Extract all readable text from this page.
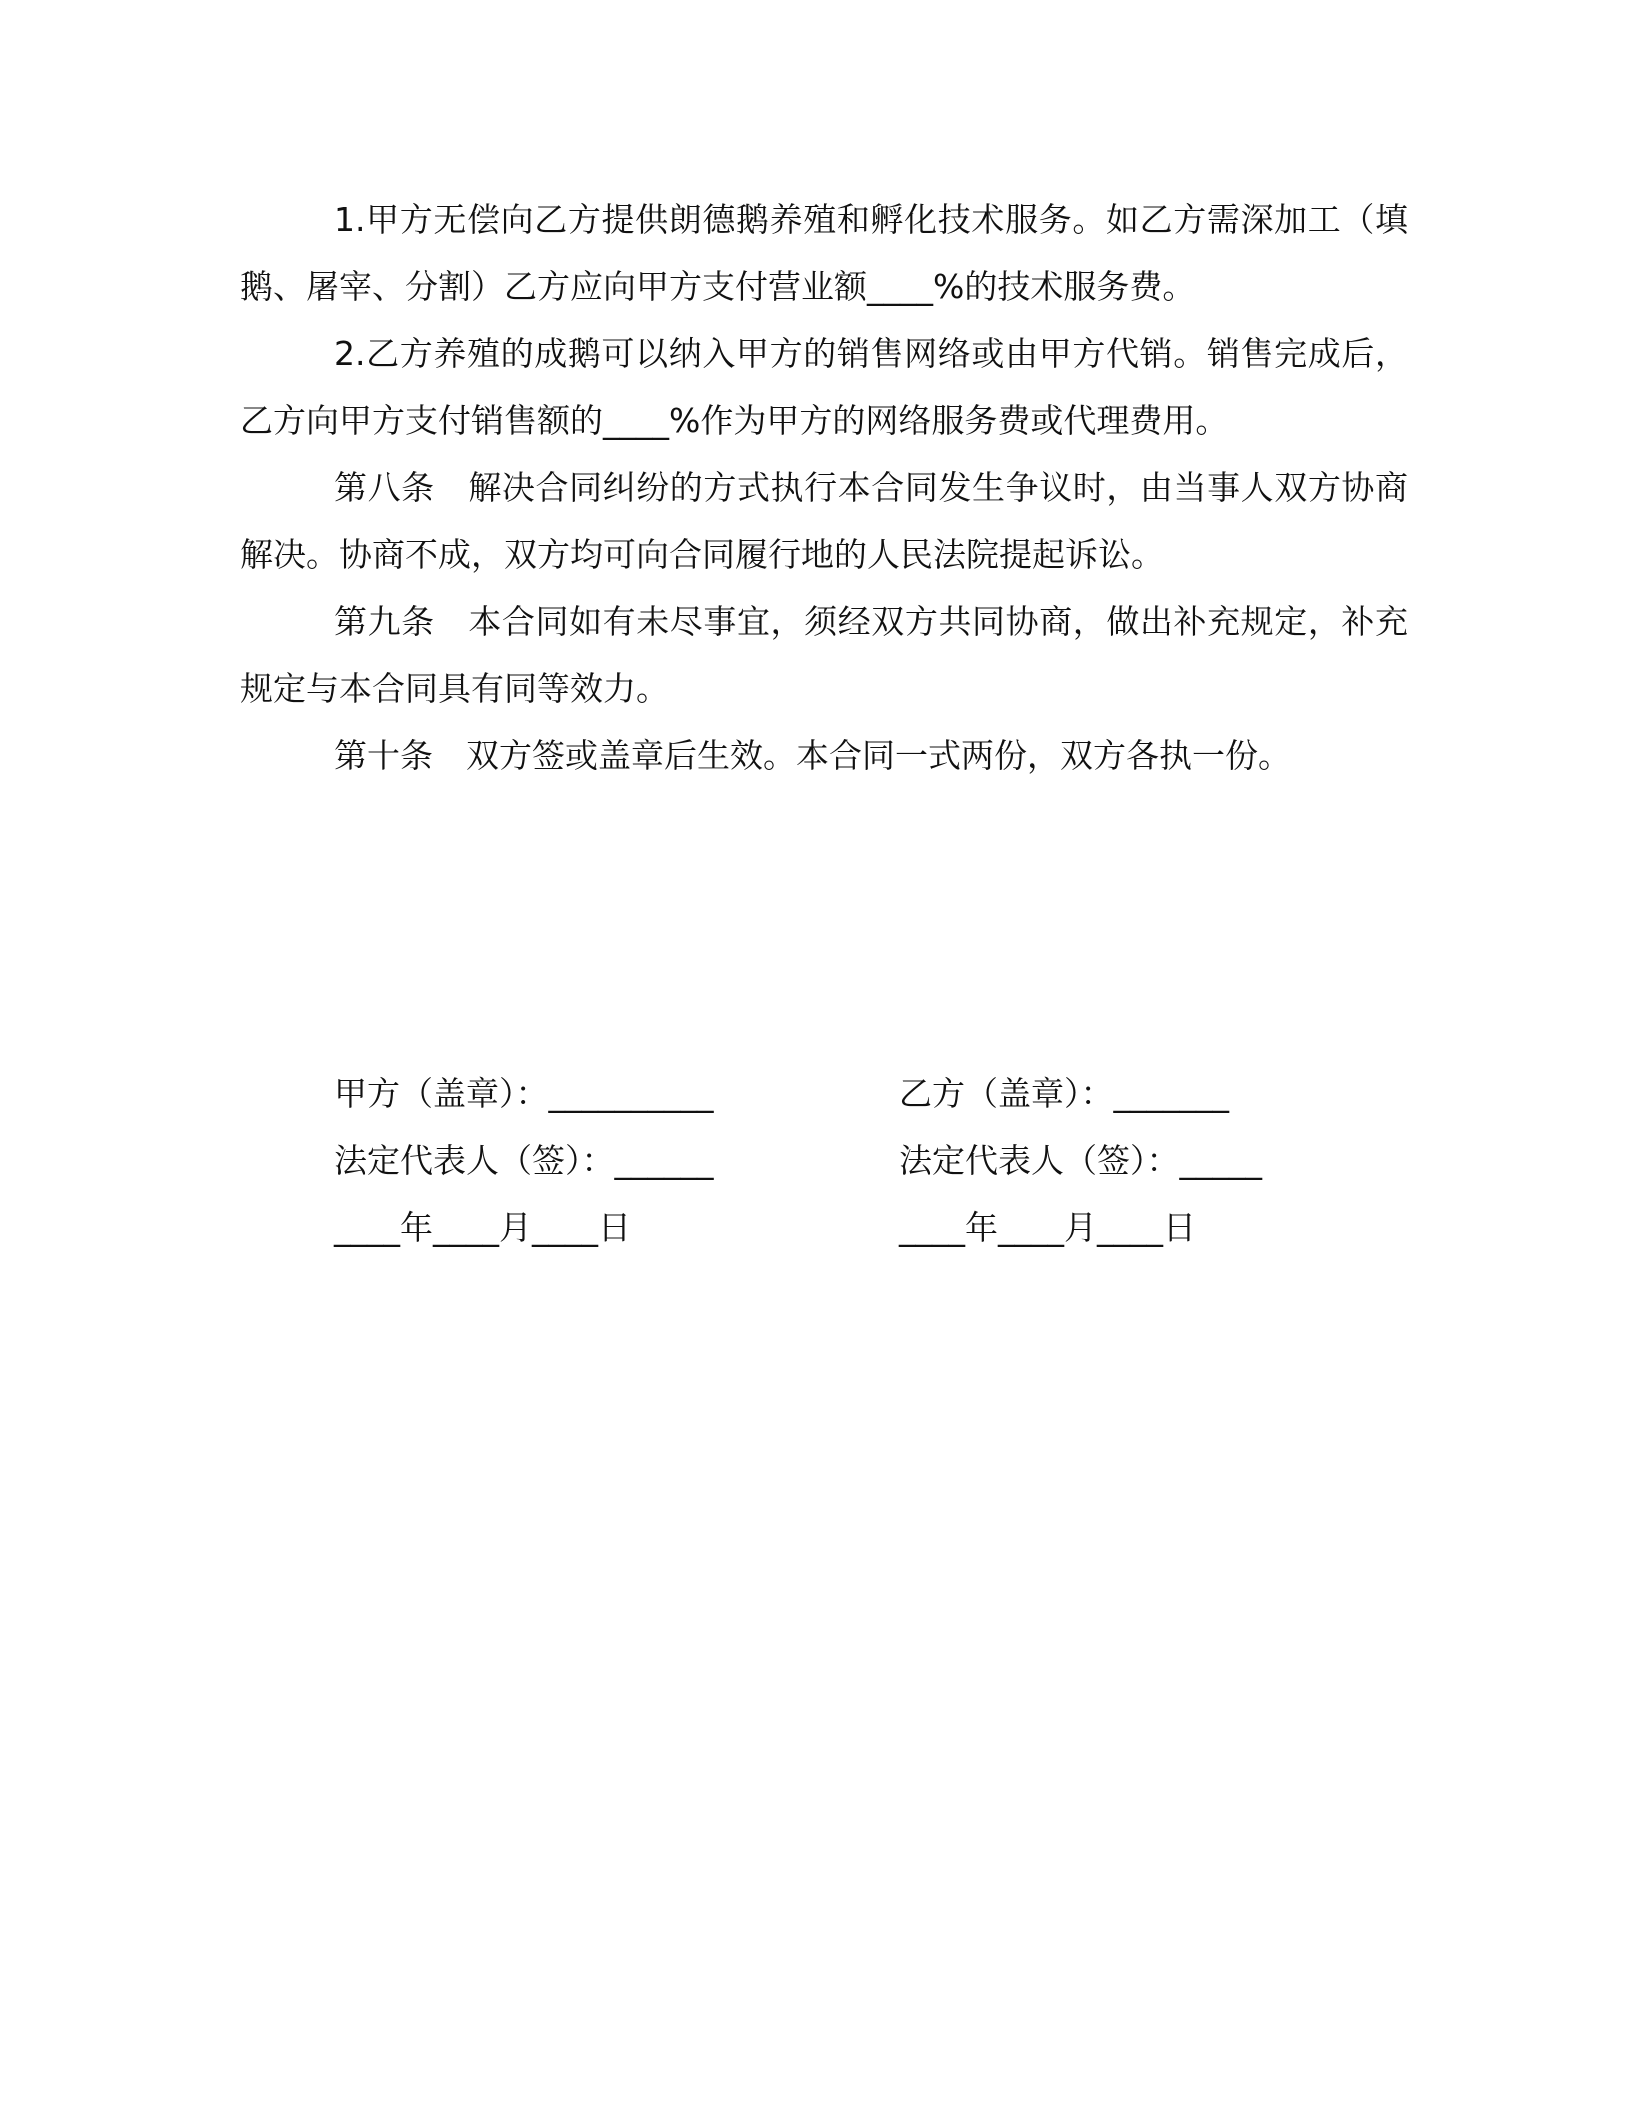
1.甲方无偿向乙方提供朗德鹅养殖和孵化技术服务。如乙方需深加工（填鹅、屠宰、分割）乙方应向甲方支付营业额____%的技术服务费。

2.乙方养殖的成鹅可以纳入甲方的销售网络或由甲方代销。销售完成后，乙方向甲方支付销售额的____%作为甲方的网络服务费或代理费用。

第八条　解决合同纠纷的方式执行本合同发生争议时，由当事人双方协商解决。协商不成，双方均可向合同履行地的人民法院提起诉讼。

第九条　本合同如有未尽事宜，须经双方共同协商，做出补充规定，补充规定与本合同具有同等效力。

第十条　双方签或盖章后生效。本合同一式两份，双方各执一份。

甲方（盖章）：__________	乙方（盖章）：_______
法定代表人（签）：______	法定代表人（签）：_____
____年____月____日	____年____月____日
